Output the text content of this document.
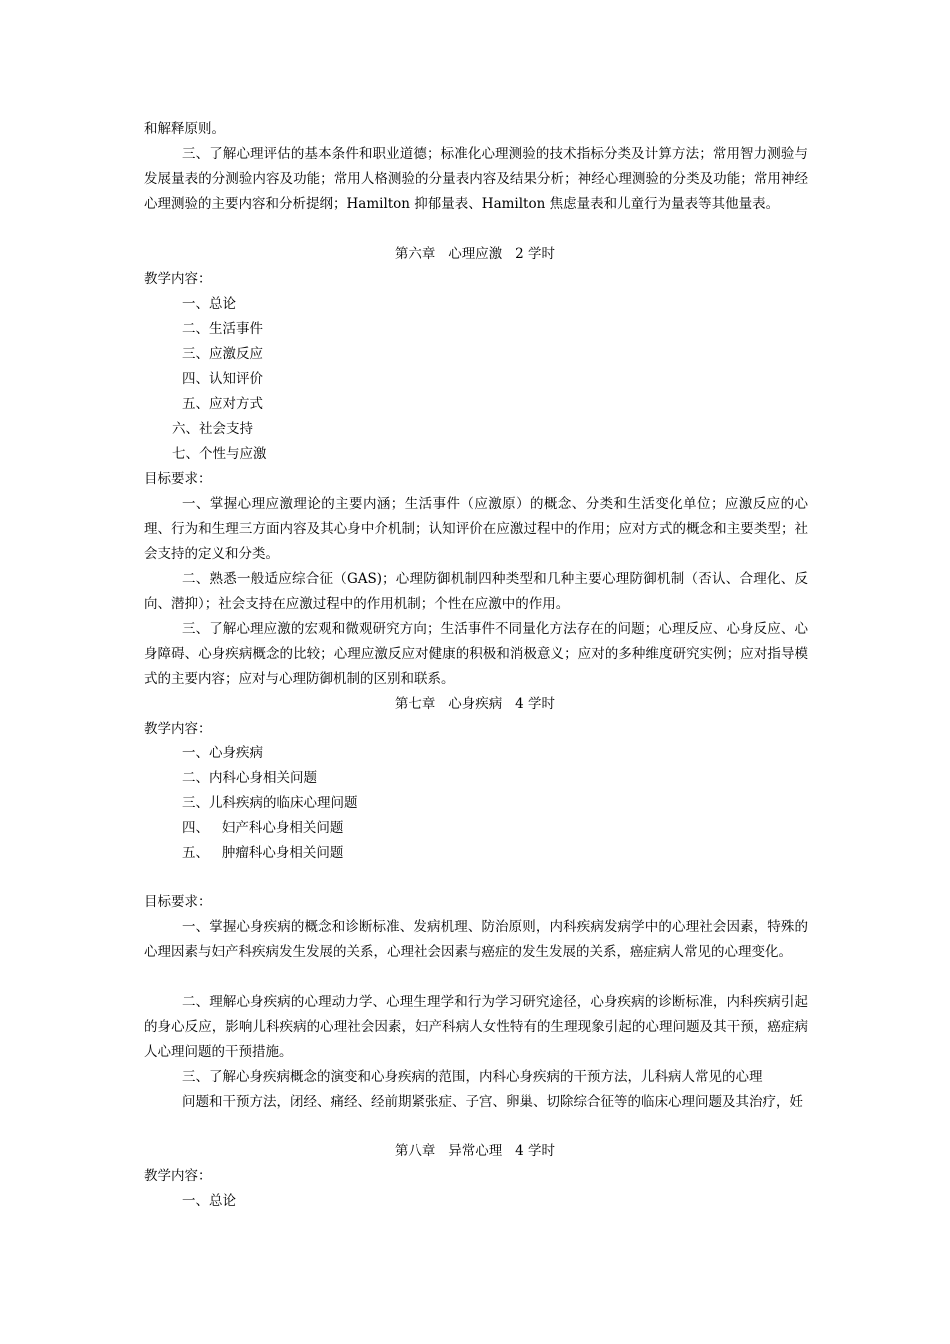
和解释原则。
三、了解心理评估的基本条件和职业道德；标准化心理测验的技术指标分类及计算方法；常用智力测验与发展量表的分测验内容及功能；常用人格测验的分量表内容及结果分析；神经心理测验的分类及功能；常用神经心理测验的主要内容和分析提纲；Hamilton 抑郁量表、Hamilton 焦虑量表和儿童行为量表等其他量表。
第六章   心理应激   2 学时
教学内容：
一、总论
二、生活事件
三、应激反应
四、认知评价
五、应对方式
六、社会支持
七、个性与应激
目标要求：
一、掌握心理应激理论的主要内涵；生活事件（应激原）的概念、分类和生活变化单位；应激反应的心理、行为和生理三方面内容及其心身中介机制；认知评价在应激过程中的作用；应对方式的概念和主要类型；社会支持的定义和分类。
二、熟悉一般适应综合征（GAS)；心理防御机制四种类型和几种主要心理防御机制（否认、合理化、反向、潜抑）；社会支持在应激过程中的作用机制；个性在应激中的作用。
三、了解心理应激的宏观和微观研究方向；生活事件不同量化方法存在的问题；心理反应、心身反应、心身障碍、心身疾病概念的比较；心理应激反应对健康的积极和消极意义；应对的多种维度研究实例；应对指导模式的主要内容；应对与心理防御机制的区别和联系。
第七章   心身疾病   4 学时
教学内容：
一、心身疾病
二、内科心身相关问题
三、儿科疾病的临床心理问题
四、   妇产科心身相关问题
五、   肿瘤科心身相关问题
目标要求：
一、掌握心身疾病的概念和诊断标准、发病机理、防治原则，内科疾病发病学中的心理社会因素，特殊的心理因素与妇产科疾病发生发展的关系，心理社会因素与癌症的发生发展的关系，癌症病人常见的心理变化。
二、理解心身疾病的心理动力学、心理生理学和行为学习研究途径，心身疾病的诊断标准，内科疾病引起的身心反应，影响儿科疾病的心理社会因素，妇产科病人女性特有的生理现象引起的心理问题及其干预，癌症病人心理问题的干预措施。
三、了解心身疾病概念的演变和心身疾病的范围，内科心身疾病的干预方法，儿科病人常见的心理
问题和干预方法，闭经、痛经、经前期紧张症、子宫、卵巢、切除综合征等的临床心理问题及其治疗，妊
第八章   异常心理   4 学时
教学内容：
一、总论
